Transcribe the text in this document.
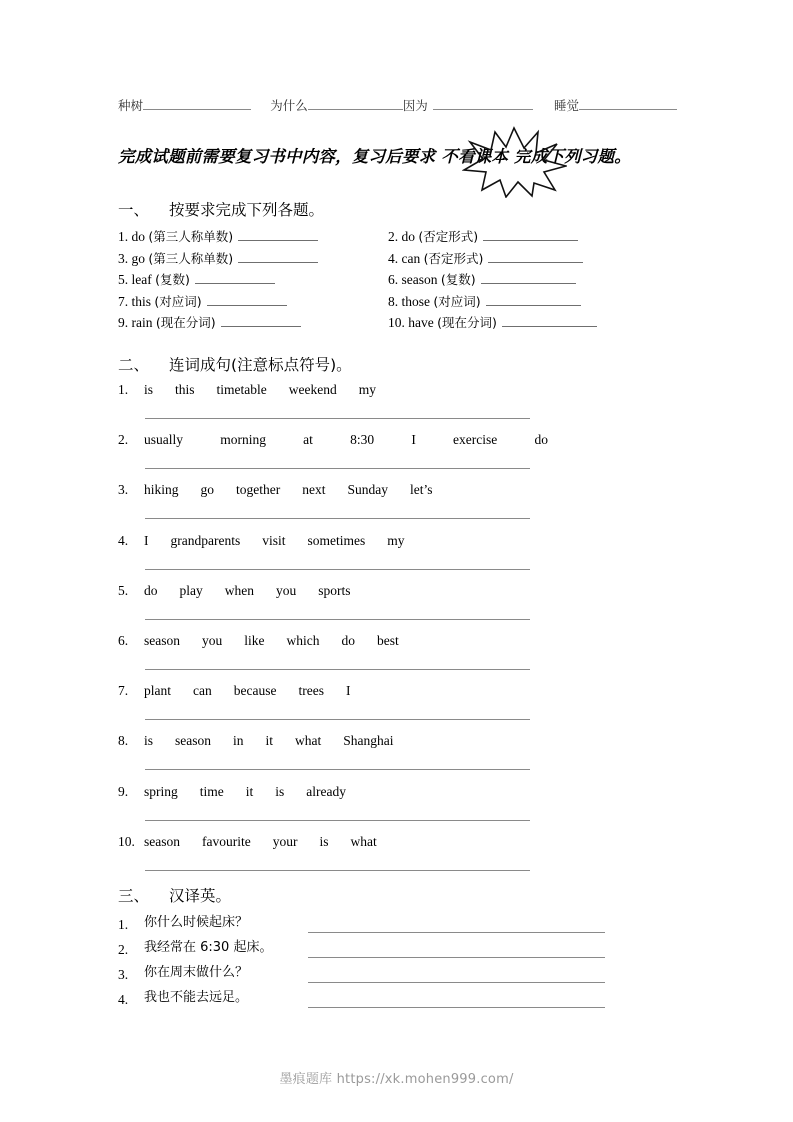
种树	为什么	因为	睡觉
完成试题前需要复习书中内容，复习后要求 不看课本 完成下列习题。
一、 按要求完成下列各题。
1. do (第三人称单数)	2. do (否定形式)
3. go (第三人称单数)	4. can (否定形式)
5. leaf (复数)	6. season (复数)
7. this (对应词)	8. those (对应词)
9. rain (现在分词)	10. have (现在分词)
二、 连词成句(注意标点符号)。
1.	is this timetable weekend my
2.	usually	morning	at	8:30	I	exercise	do
3.	hiking go together next Sunday let’s
4.	I grandparents visit sometimes my
5.	do play when you sports
6.	season you like which do best
7.	plant can because trees I
8.	is season in it what Shanghai
9.	spring time it is already
10. season favourite your is what
三、 汉译英。
1.	你什么时候起床？
2.	我经常在 6:30 起床。
3.	你在周末做什么？
4.	我也不能去远足。
墨痕题库 https://xk.mohen999.com/
